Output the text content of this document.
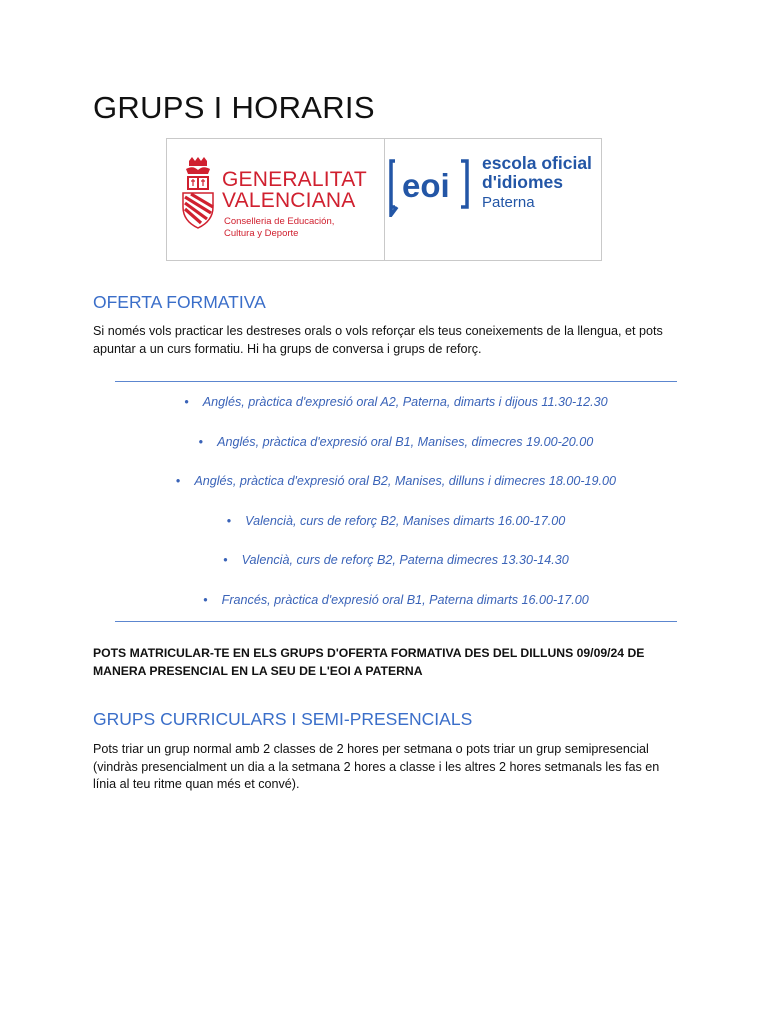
GRUPS I HORARIS
GENERALITAT
VALENCIANA
Conselleria de Educación,
Cultura y Deporte
eoi
escola oficial
d'idiomes
Paterna
OFERTA FORMATIVA

Si només vols practicar les destreses orals o vols reforçar els teus coneixements de la llengua, et pots apuntar a un curs formatiu. Hi ha grups de conversa i grups de reforç.

• Anglés, pràctica d'expresió oral A2, Paterna, dimarts i dijous 11.30-12.30
• Anglés, pràctica d'expresió oral B1, Manises, dimecres 19.00-20.00
• Anglés, pràctica d'expresió oral B2, Manises, dilluns i dimecres 18.00-19.00
• Valencià, curs de reforç B2, Manises dimarts 16.00-17.00
• Valencià, curs de reforç B2, Paterna dimecres 13.30-14.30
• Francés, pràctica d'expresió oral B1, Paterna dimarts 16.00-17.00

POTS MATRICULAR-TE EN ELS GRUPS D'OFERTA FORMATIVA DES DEL DILLUNS 09/09/24 DE MANERA PRESENCIAL EN LA SEU DE L'EOI A PATERNA

GRUPS CURRICULARS I SEMI-PRESENCIALS

Pots triar un grup normal amb 2 classes de 2 hores per setmana o pots triar un grup semipresencial (vindràs presencialment un dia a la setmana 2 hores a classe i les altres 2 hores setmanals les fas en línia al teu ritme quan més et convé).
